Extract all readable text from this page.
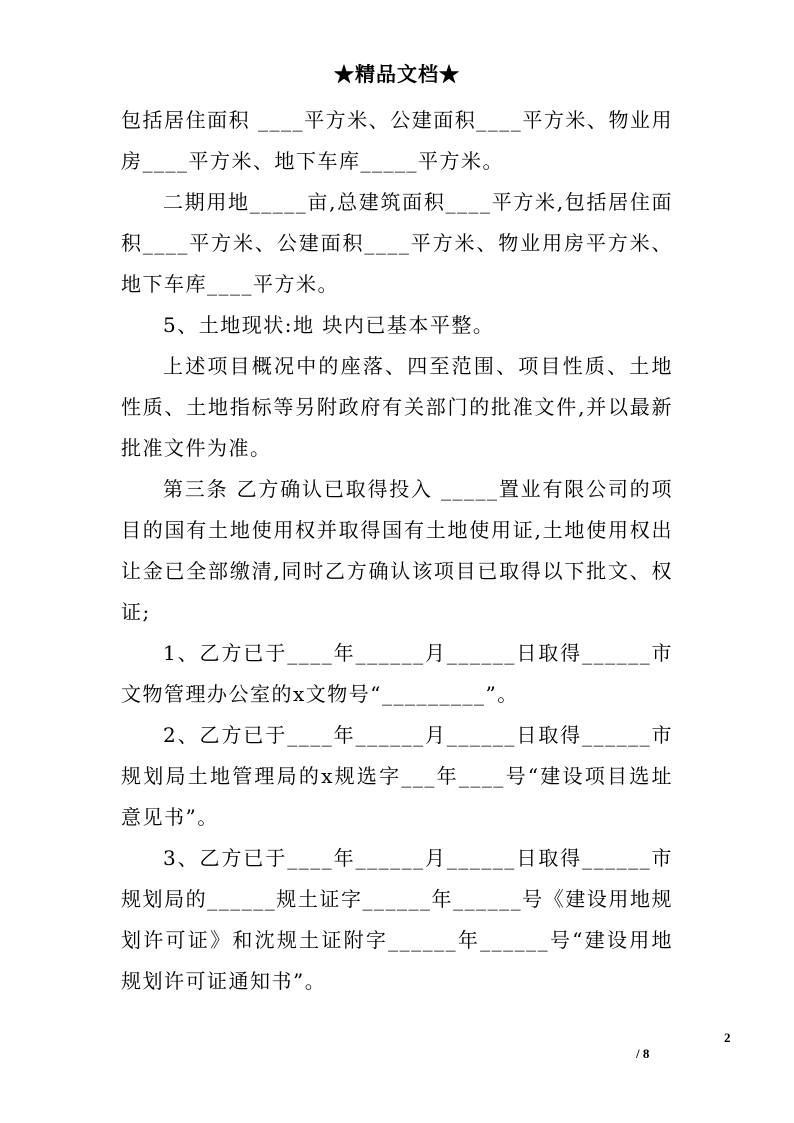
★精品文档★

包括居住面积 ____平方米、公建面积____平方米、物业用房____平方米、地下车库_____平方米。

二期用地_____亩,总建筑面积____平方米,包括居住面积____平方米、公建面积____平方米、物业用房平方米、地下车库____平方米。

5、土地现状:地 块内已基本平整。

上述项目概况中的座落、四至范围、项目性质、土地性质、土地指标等另附政府有关部门的批准文件,并以最新批准文件为准。

第三条 乙方确认已取得投入 _____置业有限公司的项目的国有土地使用权并取得国有土地使用证,土地使用权出让金已全部缴清,同时乙方确认该项目已取得以下批文、权证;

1、乙方已于____年______月______日取得______市文物管理办公室的x文物号“_________”。

2、乙方已于____年______月______日取得______市规划局土地管理局的x规选字___年____号“建设项目选址意见书”。

3、乙方已于____年______月______日取得______市规划局的______规土证字______年______号《建设用地规划许可证》和沈规土证附字______年______号“建设用地规划许可证通知书”。

2
/ 8
